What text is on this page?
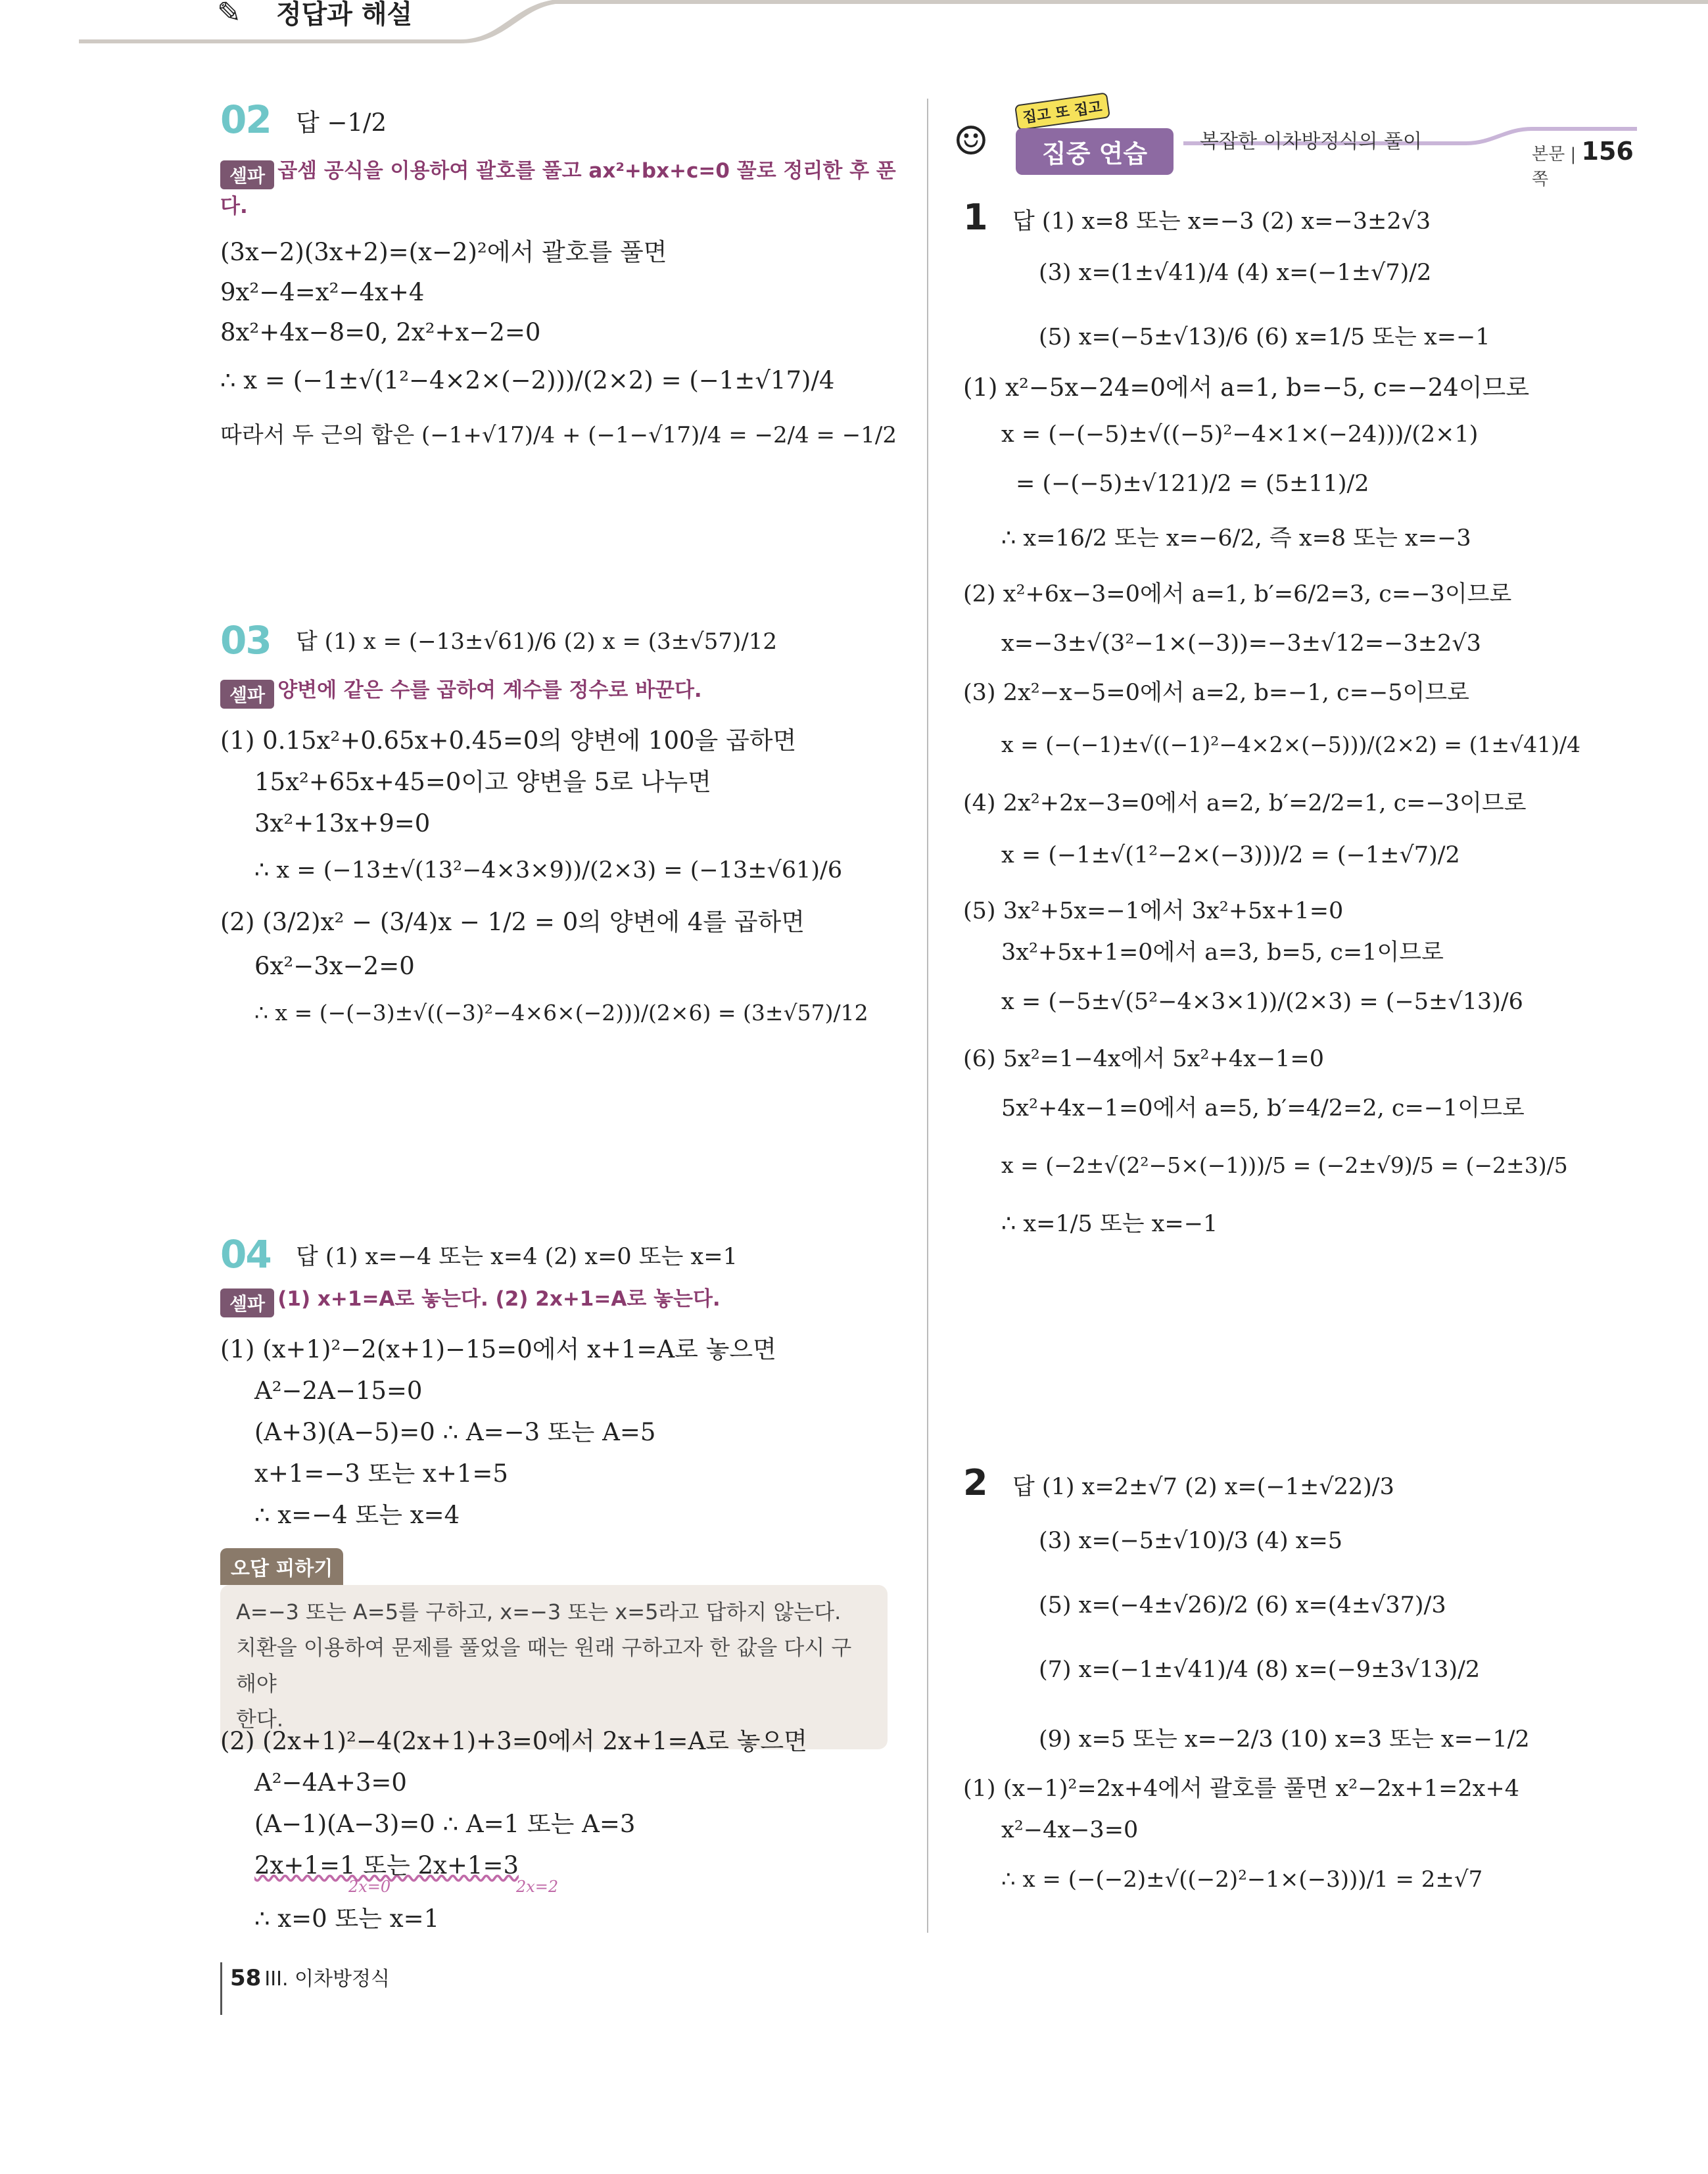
✎ 정답과 해설
02 답 −1/2
셀파 곱셈 공식을 이용하여 괄호를 풀고 ax²+bx+c=0 꼴로 정리한 후 푼다.
(3x−2)(3x+2)=(x−2)²에서 괄호를 풀면
9x²−4=x²−4x+4
8x²+4x−8=0, 2x²+x−2=0
∴ x = (−1±√(1²−4×2×(−2)))/(2×2) = (−1±√17)/4
따라서 두 근의 합은 (−1+√17)/4 + (−1−√17)/4 = −2/4 = −1/2
03 답 (1) x = (−13±√61)/6 (2) x = (3±√57)/12
셀파 양변에 같은 수를 곱하여 계수를 정수로 바꾼다.
(1) 0.15x²+0.65x+0.45=0의 양변에 100을 곱하면
15x²+65x+45=0이고 양변을 5로 나누면
3x²+13x+9=0
∴ x = (−13±√(13²−4×3×9))/(2×3) = (−13±√61)/6
(2) (3/2)x² − (3/4)x − 1/2 = 0의 양변에 4를 곱하면
6x²−3x−2=0
∴ x = (−(−3)±√((−3)²−4×6×(−2)))/(2×6) = (3±√57)/12
04 답 (1) x=−4 또는 x=4 (2) x=0 또는 x=1
셀파 (1) x+1=A로 놓는다. (2) 2x+1=A로 놓는다.
(1) (x+1)²−2(x+1)−15=0에서 x+1=A로 놓으면
A²−2A−15=0
(A+3)(A−5)=0 ∴ A=−3 또는 A=5
x+1=−3 또는 x+1=5
∴ x=−4 또는 x=4
오답 피하기
A=−3 또는 A=5를 구하고, x=−3 또는 x=5라고 답하지 않는다.
치환을 이용하여 문제를 풀었을 때는 원래 구하고자 한 값을 다시 구해야
한다.
(2) (2x+1)²−4(2x+1)+3=0에서 2x+1=A로 놓으면
A²−4A+3=0
(A−1)(A−3)=0 ∴ A=1 또는 A=3
2x+1=1 또는 2x+1=3
2x=0	2x=2
∴ x=0 또는 x=1
58 III. 이차방정식
☺
집고 또 집고
집중 연습	복잡한 이차방정식의 풀이
본문 | 156 쪽
1 답 (1) x=8 또는 x=−3 (2) x=−3±2√3
(3) x=(1±√41)/4 (4) x=(−1±√7)/2
(5) x=(−5±√13)/6 (6) x=1/5 또는 x=−1
(1) x²−5x−24=0에서 a=1, b=−5, c=−24이므로
x = (−(−5)±√((−5)²−4×1×(−24)))/(2×1)
= (−(−5)±√121)/2 = (5±11)/2
∴ x=16/2 또는 x=−6/2, 즉 x=8 또는 x=−3
(2) x²+6x−3=0에서 a=1, b′=6/2=3, c=−3이므로
x=−3±√(3²−1×(−3))=−3±√12=−3±2√3
(3) 2x²−x−5=0에서 a=2, b=−1, c=−5이므로
x = (−(−1)±√((−1)²−4×2×(−5)))/(2×2) = (1±√41)/4
(4) 2x²+2x−3=0에서 a=2, b′=2/2=1, c=−3이므로
x = (−1±√(1²−2×(−3)))/2 = (−1±√7)/2
(5) 3x²+5x=−1에서 3x²+5x+1=0
3x²+5x+1=0에서 a=3, b=5, c=1이므로
x = (−5±√(5²−4×3×1))/(2×3) = (−5±√13)/6
(6) 5x²=1−4x에서 5x²+4x−1=0
5x²+4x−1=0에서 a=5, b′=4/2=2, c=−1이므로
x = (−2±√(2²−5×(−1)))/5 = (−2±√9)/5 = (−2±3)/5
∴ x=1/5 또는 x=−1
2 답 (1) x=2±√7 (2) x=(−1±√22)/3
(3) x=(−5±√10)/3 (4) x=5
(5) x=(−4±√26)/2 (6) x=(4±√37)/3
(7) x=(−1±√41)/4 (8) x=(−9±3√13)/2
(9) x=5 또는 x=−2/3 (10) x=3 또는 x=−1/2
(1) (x−1)²=2x+4에서 괄호를 풀면 x²−2x+1=2x+4
x²−4x−3=0
∴ x = (−(−2)±√((−2)²−1×(−3)))/1 = 2±√7
